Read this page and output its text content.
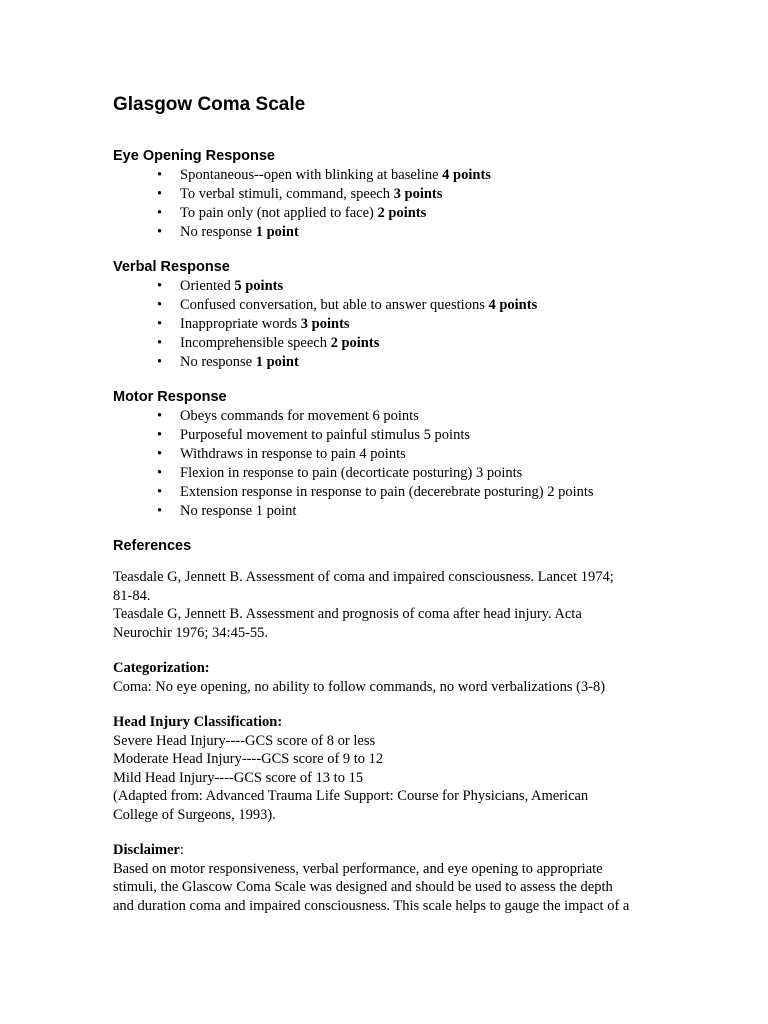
Glasgow Coma Scale
Eye Opening Response
• Spontaneous--open with blinking at baseline 4 points
• To verbal stimuli, command, speech 3 points
• To pain only (not applied to face) 2 points
• No response 1 point
Verbal Response
• Oriented 5 points
• Confused conversation, but able to answer questions 4 points
• Inappropriate words 3 points
• Incomprehensible speech 2 points
• No response 1 point
Motor Response
• Obeys commands for movement 6 points
• Purposeful movement to painful stimulus 5 points
• Withdraws in response to pain 4 points
• Flexion in response to pain (decorticate posturing) 3 points
• Extension response in response to pain (decerebrate posturing) 2 points
• No response 1 point
References
Teasdale G, Jennett B. Assessment of coma and impaired consciousness. Lancet 1974;
81-84.
Teasdale G, Jennett B. Assessment and prognosis of coma after head injury. Acta
Neurochir 1976; 34:45-55.
Categorization:
Coma: No eye opening, no ability to follow commands, no word verbalizations (3-8)
Head Injury Classification:
Severe Head Injury----GCS score of 8 or less
Moderate Head Injury----GCS score of 9 to 12
Mild Head Injury----GCS score of 13 to 15
(Adapted from: Advanced Trauma Life Support: Course for Physicians, American
College of Surgeons, 1993).
Disclaimer:
Based on motor responsiveness, verbal performance, and eye opening to appropriate
stimuli, the Glascow Coma Scale was designed and should be used to assess the depth
and duration coma and impaired consciousness. This scale helps to gauge the impact of a
